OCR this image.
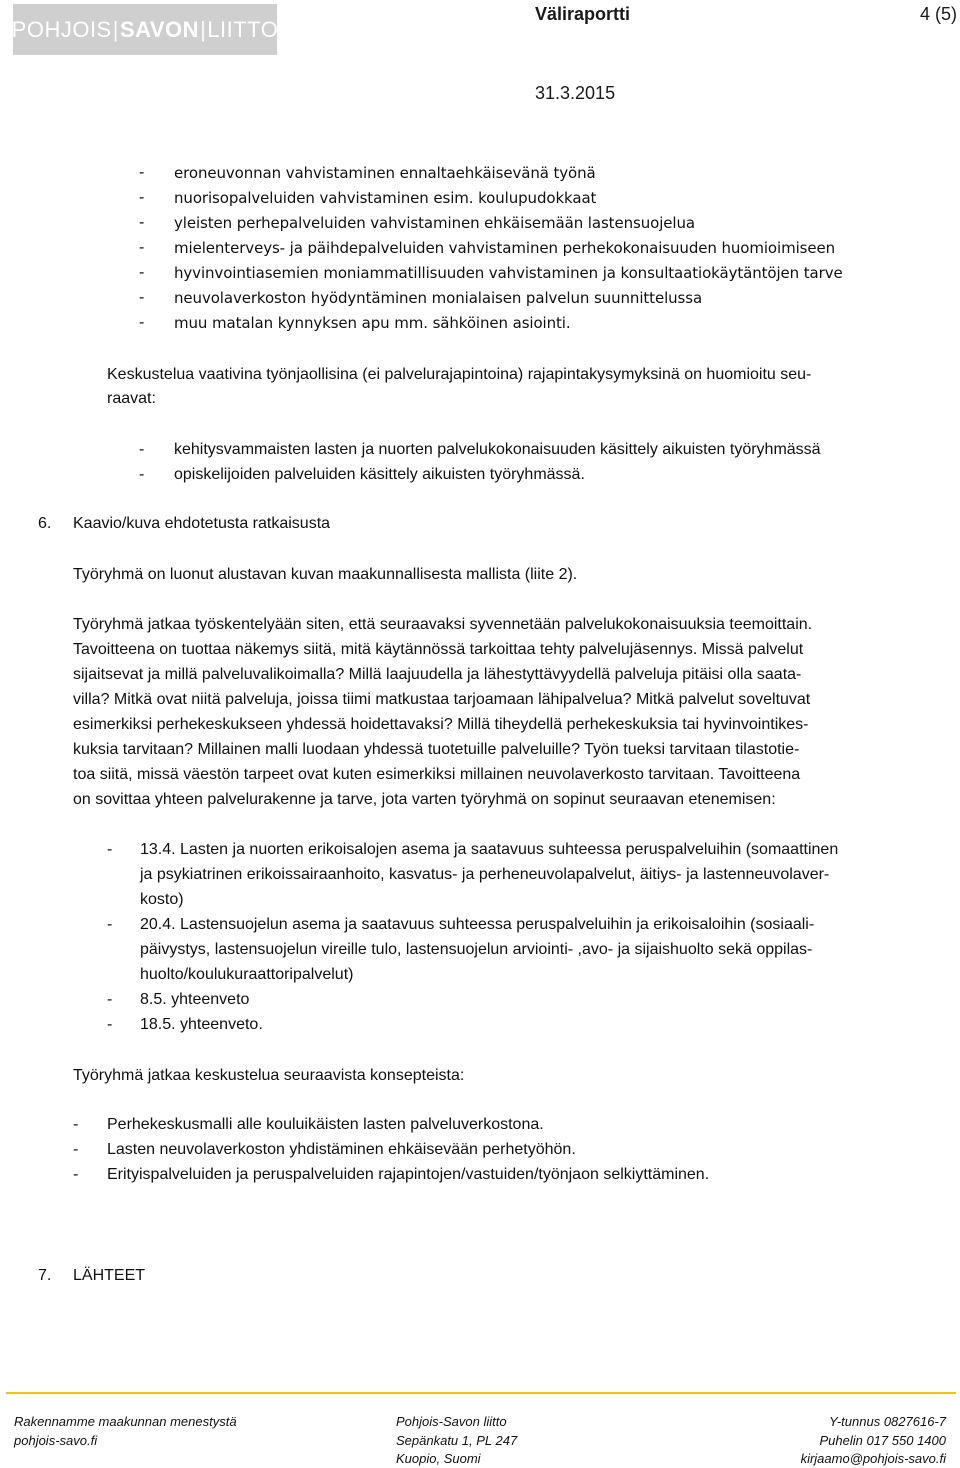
POHJOIS | SAVON | LIITTO
Väliraportti	4 (5)
31.3.2015
- eroneuvonnan vahvistaminen ennaltaehkäisevänä työnä
- nuorisopalveluiden vahvistaminen esim. koulupudokkaat
- yleisten perhepalveluiden vahvistaminen ehkäisemään lastensuojelua
- mielenterveys- ja päihdepalveluiden vahvistaminen perhekokonaisuuden huomioimiseen
- hyvinvointiasemien moniammatillisuuden vahvistaminen ja konsultaatiokäytäntöjen tarve
- neuvolaverkoston hyödyntäminen monialaisen palvelun suunnittelussa
- muu matalan kynnyksen apu mm. sähköinen asiointi.
Keskustelua vaativina työnjaollisina (ei palvelurajapintoina) rajapintakysymyksinä on huomioitu seu-
raavat:
- kehitysvammaisten lasten ja nuorten palvelukokonaisuuden käsittely aikuisten työryhmässä
- opiskelijoiden palveluiden käsittely aikuisten työryhmässä.
6. Kaavio/kuva ehdotetusta ratkaisusta
Työryhmä on luonut alustavan kuvan maakunnallisesta mallista (liite 2).
Työryhmä jatkaa työskentelyään siten, että seuraavaksi syvennetään palvelukokonaisuuksia teemoittain.
Tavoitteena on tuottaa näkemys siitä, mitä käytännössä tarkoittaa tehty palvelujäsennys. Missä palvelut
sijaitsevat ja millä palveluvalikoimalla? Millä laajuudella ja lähestyttävyydellä palveluja pitäisi olla saata-
villa? Mitkä ovat niitä palveluja, joissa tiimi matkustaa tarjoamaan lähipalvelua? Mitkä palvelut soveltuvat
esimerkiksi perhekeskukseen yhdessä hoidettavaksi? Millä tiheydellä perhekeskuksia tai hyvinvointikes-
kuksia tarvitaan? Millainen malli luodaan yhdessä tuotetuille palveluille? Työn tueksi tarvitaan tilastotie-
toa siitä, missä väestön tarpeet ovat kuten esimerkiksi millainen neuvolaverkosto tarvitaan. Tavoitteena
on sovittaa yhteen palvelurakenne ja tarve, jota varten työryhmä on sopinut seuraavan etenemisen:
- 13.4. Lasten ja nuorten erikoisalojen asema ja saatavuus suhteessa peruspalveluihin (somaattinen
ja psykiatrinen erikoissairaanhoito, kasvatus- ja perheneuvolapalvelut, äitiys- ja lastenneuvolaver-
kosto)
- 20.4. Lastensuojelun asema ja saatavuus suhteessa peruspalveluihin ja erikoisaloihin (sosiaali-
päivystys, lastensuojelun vireille tulo, lastensuojelun arviointi- ,avo- ja sijaishuolto sekä oppilas-
huolto/koulukuraattoripalvelut)
- 8.5. yhteenveto
- 18.5. yhteenveto.
Työryhmä jatkaa keskustelua seuraavista konsepteista:
- Perhekeskusmalli alle kouluikäisten lasten palveluverkostona.
- Lasten neuvolaverkoston yhdistäminen ehkäisevään perhetyöhön.
- Erityispalveluiden ja peruspalveluiden rajapintojen/vastuiden/työnjaon selkiyttäminen.
7. LÄHTEET
Rakennamme maakunnan menestystä
pohjois-savo.fi
Pohjois-Savon liitto
Sepänkatu 1, PL 247
Kuopio, Suomi
Y-tunnus 0827616-7
Puhelin 017 550 1400
kirjaamo@pohjois-savo.fi
